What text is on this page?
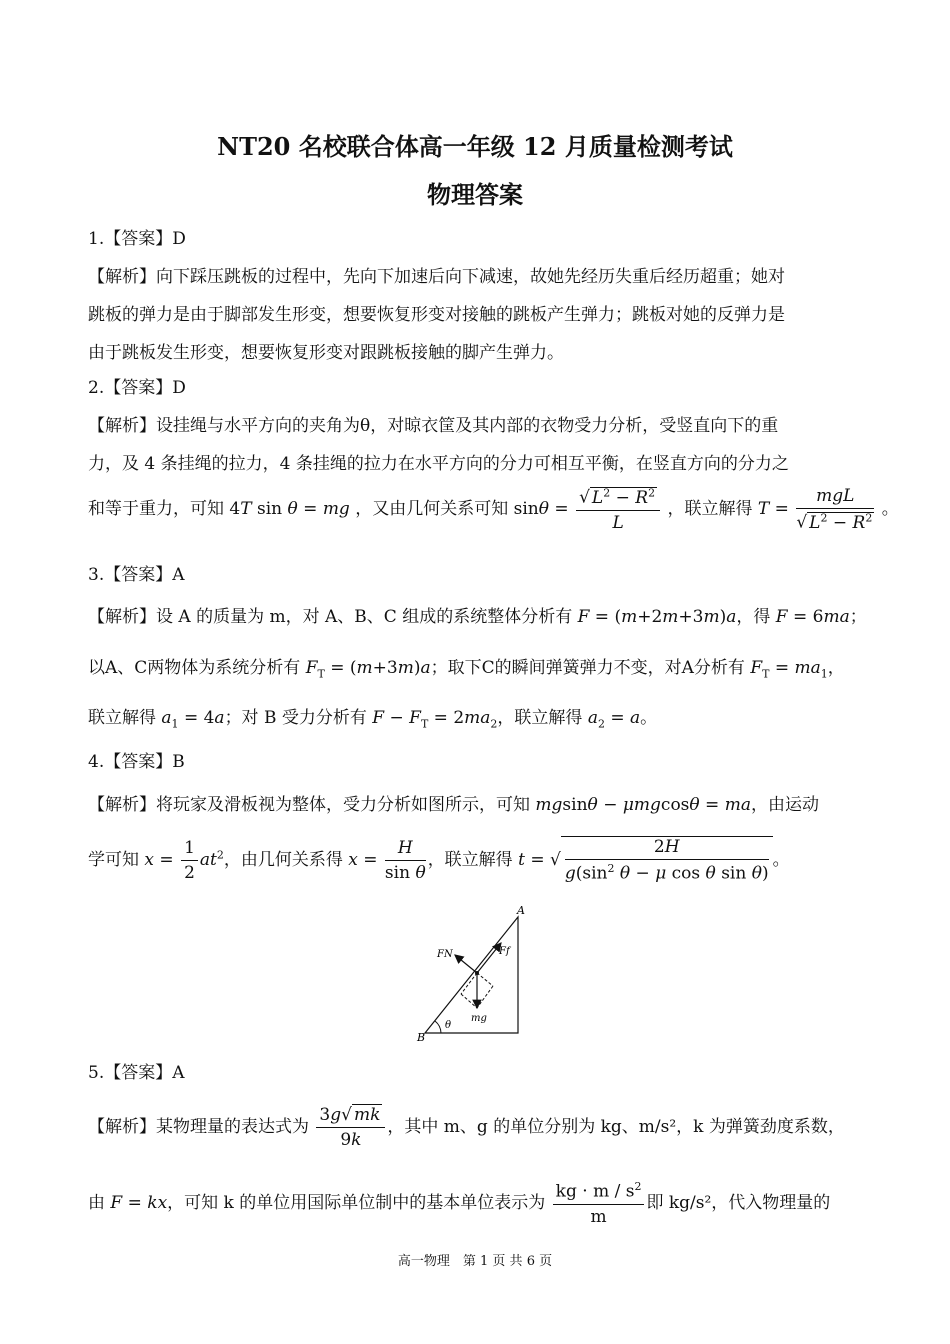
NT20 名校联合体高一年级 12 月质量检测考试
物理答案
1.【答案】D
【解析】向下踩压跳板的过程中，先向下加速后向下减速，故她先经历失重后经历超重；她对
跳板的弹力是由于脚部发生形变，想要恢复形变对接触的跳板产生弹力；跳板对她的反弹力是
由于跳板发生形变，想要恢复形变对跟跳板接触的脚产生弹力。
2.【答案】D
【解析】设挂绳与水平方向的夹角为θ，对晾衣筐及其内部的衣物受力分析，受竖直向下的重
力，及 4 条挂绳的拉力，4 条挂绳的拉力在水平方向的分力可相互平衡，在竖直方向的分力之
和等于重力，可知 4T sin θ = mg ，又由几何关系可知 $\sin\theta = \frac{√ L^2 - R^2}{L}$ ，联立解得 $T = \frac{\text{mgL}}{√ L^2 - R^2}$ 。
3.【答案】A
【解析】设 A 的质量为 m，对 A、B、C 组成的系统整体分析有 F = (m+2m+3m)a，得 F = 6ma；
以A、C两物体为系统分析有 $F_T = (m+3m)a$；取下C的瞬间弹簧弹力不变，对A分析有 $F_T = ma_1$，
联立解得 $a_1 = 4a$；对 B 受力分析有 $F - F_T = 2ma_2$，联立解得 $a_2 = a$。
4.【答案】B
【解析】将玩家及滑板视为整体，受力分析如图所示，可知 mgsinθ − μmgcosθ = ma，由运动
学可知 $x = \frac{1}{2} at^2$，由几何关系得 $x = \frac{H}{\text{sin θ}}$ ，联立解得 t = √ $\frac{2H}{g(\sin^2 \theta - \mu \cos \theta \sin \theta)}$ 。
A
B
FN	Ff
mg
θ
5.【答案】A
【解析】某物理量的表达式为 $\frac{3g√ mk}{9k}$ ，其中 m、g 的单位分别为 kg、m/s²，k 为弹簧劲度系数，
由 F = kx，可知 k 的单位用国际单位制中的基本单位表示为 $\frac{kg \cdot m / s^2}{m}$ 即 kg/s²，代入物理量的
高一物理　第 1 页 共 6 页
